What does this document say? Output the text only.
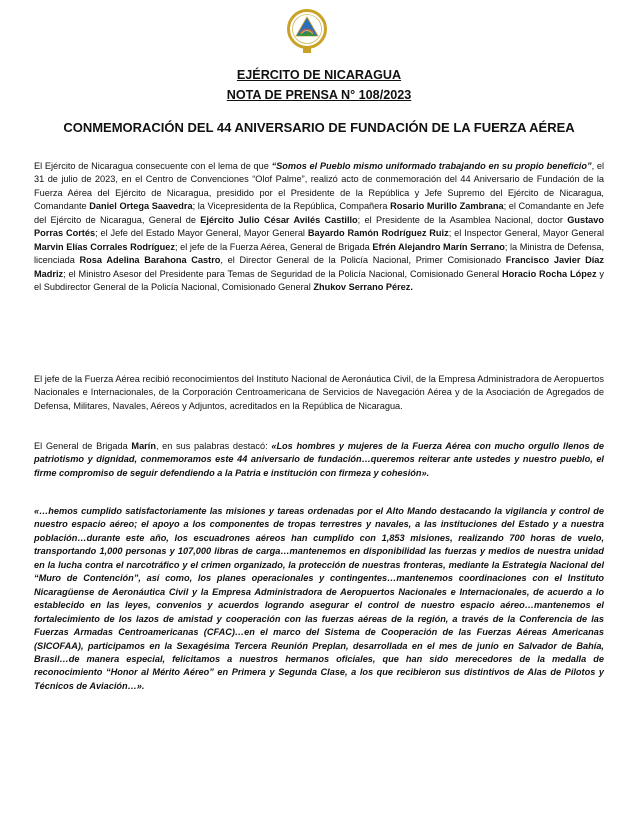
EJÉRCITO DE NICARAGUA
NOTA DE PRENSA N° 108/2023
CONMEMORACIÓN DEL 44 ANIVERSARIO DE FUNDACIÓN DE LA FUERZA AÉREA

El Ejército de Nicaragua consecuente con el lema de que “Somos el Pueblo mismo uniformado trabajando en su propio beneficio”, el 31 de julio de 2023, en el Centro de Convenciones “Olof Palme”, realizó acto de conmemoración del 44 Aniversario de Fundación de la Fuerza Aérea del Ejército de Nicaragua, presidido por el Presidente de la República y Jefe Supremo del Ejército de Nicaragua, Comandante Daniel Ortega Saavedra; la Vicepresidenta de la República, Compañera Rosario Murillo Zambrana; el Comandante en Jefe del Ejército de Nicaragua, General de Ejército Julio César Avilés Castillo; el Presidente de la Asamblea Nacional, doctor Gustavo Porras Cortés; el Jefe del Estado Mayor General, Mayor General Bayardo Ramón Rodríguez Ruiz; el Inspector General, Mayor General Marvin Elías Corrales Rodríguez; el jefe de la Fuerza Aérea, General de Brigada Efrén Alejandro Marín Serrano; la Ministra de Defensa, licenciada Rosa Adelina Barahona Castro, el Director General de la Policía Nacional, Primer Comisionado Francisco Javier Díaz Madriz; el Ministro Asesor del Presidente para Temas de Seguridad de la Policía Nacional, Comisionado General Horacio Rocha López y el Subdirector General de la Policía Nacional, Comisionado General Zhukov Serrano Pérez.

El jefe de la Fuerza Aérea recibió reconocimientos del Instituto Nacional de Aeronáutica Civil, de la Empresa Administradora de Aeropuertos Nacionales e Internacionales, de la Corporación Centroamericana de Servicios de Navegación Aérea y de la Asociación de Agregados de Defensa, Militares, Navales, Aéreos y Adjuntos, acreditados en la República de Nicaragua.

El General de Brigada Marín, en sus palabras destacó: «Los hombres y mujeres de la Fuerza Aérea con mucho orgullo llenos de patriotismo y dignidad, conmemoramos este 44 aniversario de fundación…queremos reiterar ante ustedes y nuestro pueblo, el firme compromiso de seguir defendiendo a la Patria e institución con firmeza y cohesión».

«…hemos cumplido satisfactoriamente las misiones y tareas ordenadas por el Alto Mando destacando la vigilancia y control de nuestro espacio aéreo; el apoyo a los componentes de tropas terrestres y navales, a las instituciones del Estado y a nuestra población…durante este año, los escuadrones aéreos han cumplido con 1,853 misiones, realizando 700 horas de vuelo, transportando 1,000 personas y 107,000 libras de carga…mantenemos en disponibilidad las fuerzas y medios de nuestra unidad en la lucha contra el narcotráfico y el crimen organizado, la protección de nuestras fronteras, mediante la Estrategia Nacional del “Muro de Contención”, así como, los planes operacionales y contingentes…mantenemos coordinaciones con el Instituto Nicaragüense de Aeronáutica Civil y la Empresa Administradora de Aeropuertos Nacionales e Internacionales, de acuerdo a lo establecido en las leyes, convenios y acuerdos logrando asegurar el control de nuestro espacio aéreo…mantenemos el fortalecimiento de los lazos de amistad y cooperación con las fuerzas aéreas de la región, a través de la Conferencia de las Fuerzas Armadas Centroamericanas (CFAC)…en el marco del Sistema de Cooperación de las Fuerzas Aéreas Americanas (SICOFAA), participamos en la Sexagésima Tercera Reunión Preplan, desarrollada en el mes de junio en Salvador de Bahía, Brasil…de manera especial, felicitamos a nuestros hermanos oficiales, que han sido merecedores de la medalla de reconocimiento “Honor al Mérito Aéreo” en Primera y Segunda Clase, a los que recibieron sus distintivos de Alas de Pilotos y Técnicos de Aviación…».
